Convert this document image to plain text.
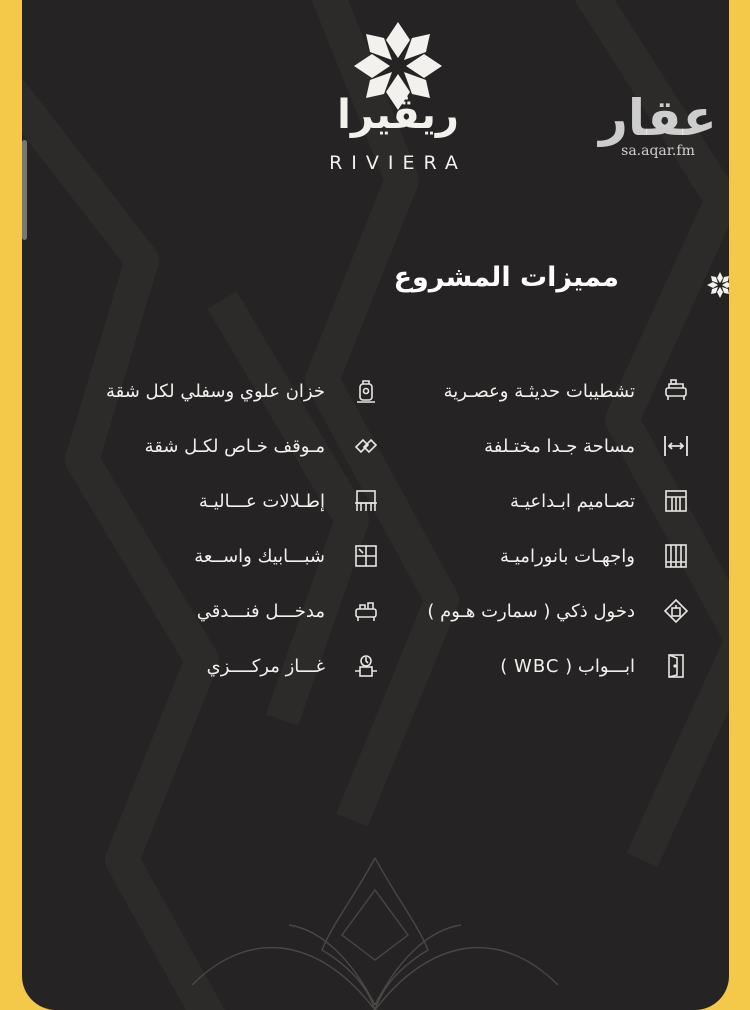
ريڤيرا
RIVIERA
مميزات المشروع
تشطيبات حديثـة وعصـرية
مساحة جـدا مختـلفة
تصـاميم ابـداعيـة
واجهـات بانوراميـة
دخول ذكي ( سمارت هـوم )
ابـــواب ( WBC )
خزان علوي وسفلي لكل شقة
مـوقف خـاص لكـل شقة
إطـلالات عـــاليـة
شبـــابيك واســعة
مدخـــل فنـــدقي
غـــاز مركــــزي
عقار
sa.aqar.fm
